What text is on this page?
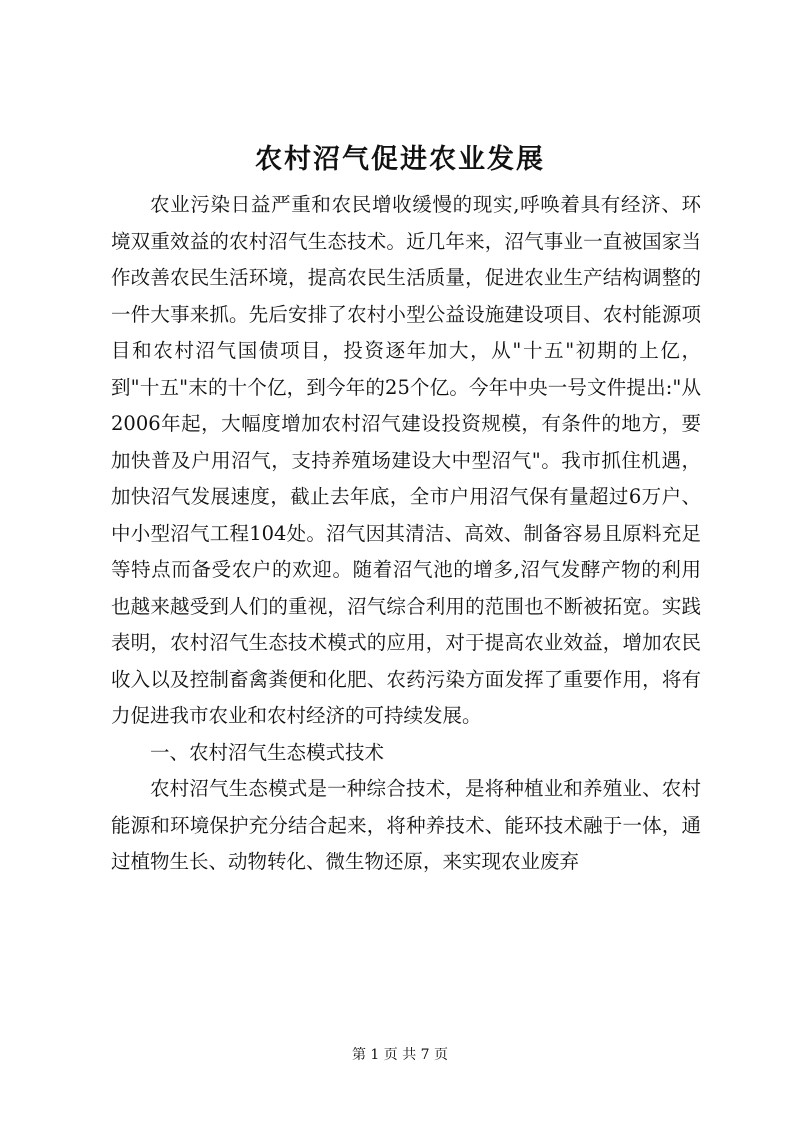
农村沼气促进农业发展

农业污染日益严重和农民增收缓慢的现实,呼唤着具有经济、环境双重效益的农村沼气生态技术。近几年来，沼气事业一直被国家当作改善农民生活环境，提高农民生活质量，促进农业生产结构调整的一件大事来抓。先后安排了农村小型公益设施建设项目、农村能源项目和农村沼气国债项目，投资逐年加大，从"十五"初期的上亿，到"十五"末的十个亿，到今年的25个亿。今年中央一号文件提出:"从2006年起，大幅度增加农村沼气建设投资规模，有条件的地方，要加快普及户用沼气，支持养殖场建设大中型沼气"。我市抓住机遇，加快沼气发展速度，截止去年底，全市户用沼气保有量超过6万户、中小型沼气工程104处。沼气因其清洁、高效、制备容易且原料充足等特点而备受农户的欢迎。随着沼气池的增多,沼气发酵产物的利用也越来越受到人们的重视，沼气综合利用的范围也不断被拓宽。实践表明，农村沼气生态技术模式的应用，对于提高农业效益，增加农民收入以及控制畜禽粪便和化肥、农药污染方面发挥了重要作用，将有力促进我市农业和农村经济的可持续发展。

一、农村沼气生态模式技术

农村沼气生态模式是一种综合技术，是将种植业和养殖业、农村能源和环境保护充分结合起来，将种养技术、能环技术融于一体，通过植物生长、动物转化、微生物还原，来实现农业废弃

第 1 页 共 7 页
